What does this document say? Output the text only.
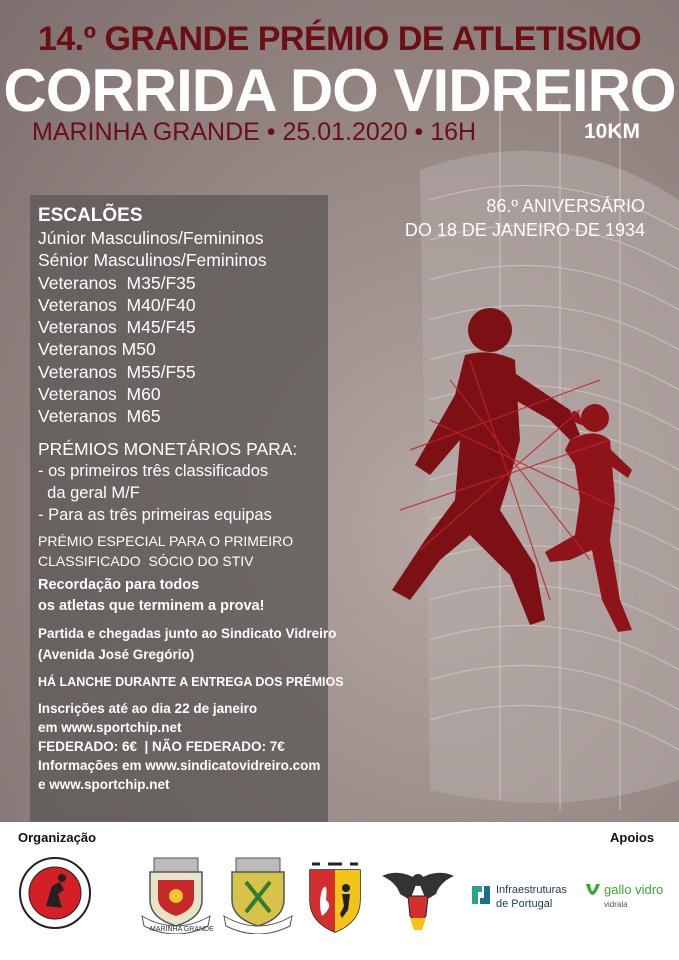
14.º GRANDE PRÉMIO DE ATLETISMO
CORRIDA DO VIDREIRO
MARINHA GRANDE • 25.01.2020 • 16H	10KM
86.º ANIVERSÁRIO
DO 18 DE JANEIRO DE 1934
ESCALÕES
Júnior Masculinos/Femininos
Sénior Masculinos/Femininos
Veteranos  M35/F35
Veteranos  M40/F40
Veteranos  M45/F45
Veteranos M50
Veteranos  M55/F55
Veteranos  M60
Veteranos  M65
PRÉMIOS MONETÁRIOS PARA:
- os primeiros três classificados
da geral M/F
- Para as três primeiras equipas
PRÉMIO ESPECIAL PARA O PRIMEIRO
CLASSIFICADO  SÓCIO DO STIV
Recordação para todos
os atletas que terminem a prova!
Partida e chegadas junto ao Sindicato Vidreiro
(Avenida José Gregório)
HÁ LANCHE DURANTE A ENTREGA DOS PRÉMIOS
Inscrições até ao dia 22 de janeiro
em www.sportchip.net
FEDERADO: 6€  | NÃO FEDERADO: 7€
Informações em www.sindicatovidreiro.com
e www.sportchip.net
Organização	Apoios
MARINHA GRANDE
Infraestruturas
de Portugal
gallo vidro
vidrala
